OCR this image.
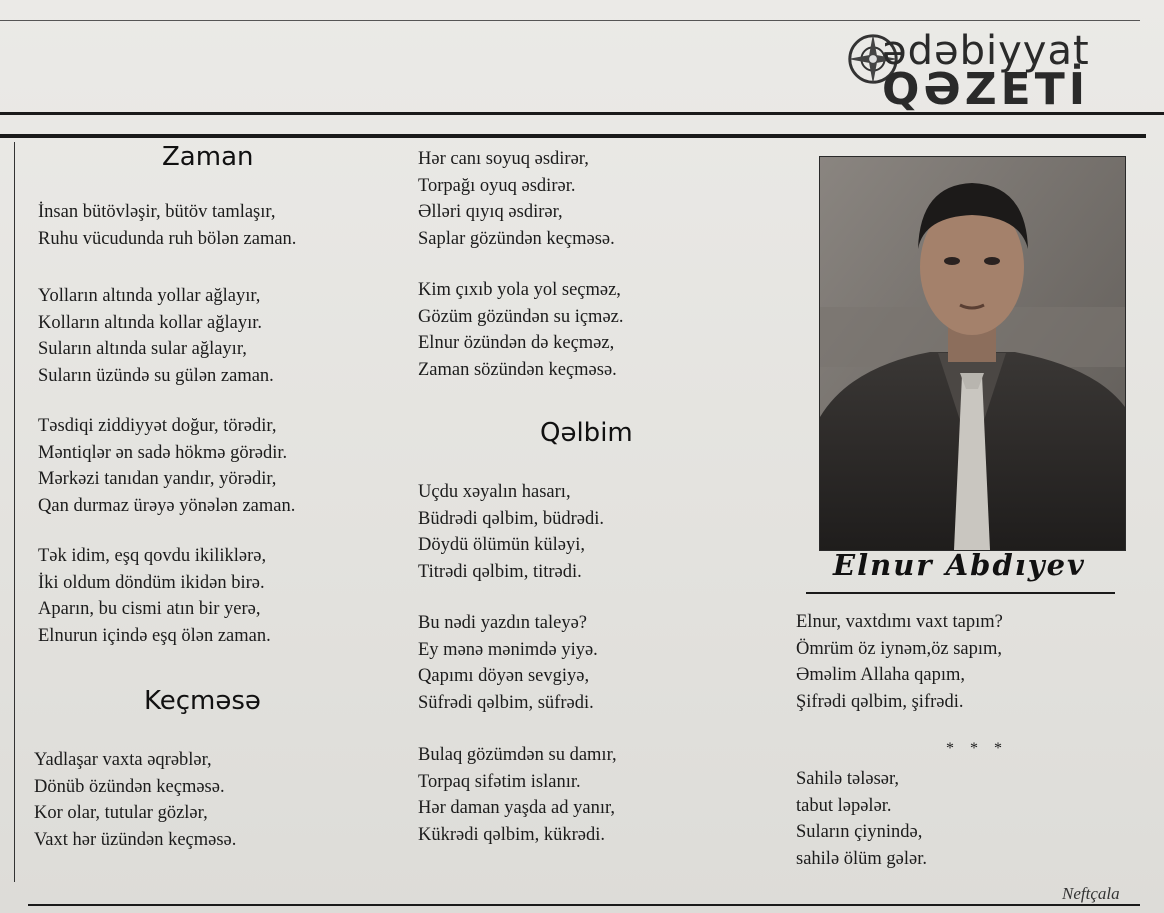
ədəbiyyat
QƏZETİ
Zaman
İnsan bütövləşir, bütöv tamlaşır,
Ruhu vücudunda ruh bölən zaman.
Yolların altında yollar ağlayır,
Kolların altında kollar ağlayır.
Suların altında sular ağlayır,
Suların üzündə su gülən zaman.
Təsdiqi ziddiyyət doğur, törədir,
Məntiqlər ən sadə hökmə görədir.
Mərkəzi tanıdan yandır, yörədir,
Qan durmaz ürəyə yönələn zaman.
Tək idim, eşq qovdu ikiliklərə,
İki oldum döndüm ikidən birə.
Aparın, bu cismi atın bir yerə,
Elnurun içində eşq ölən zaman.
Keçməsə
Yadlaşar vaxta əqrəblər,
Dönüb özündən keçməsə.
Kor olar, tutular gözlər,
Vaxt hər üzündən keçməsə.
Hər canı soyuq əsdirər,
Torpağı oyuq əsdirər.
Əlləri qıyıq əsdirər,
Saplar gözündən keçməsə.
Kim çıxıb yola yol seçməz,
Gözüm gözündən su içməz.
Elnur özündən də keçməz,
Zaman sözündən keçməsə.
Qəlbim
Uçdu xəyalın hasarı,
Büdrədi qəlbim, büdrədi.
Döydü ölümün küləyi,
Titrədi qəlbim, titrədi.
Bu nədi yazdın taleyə?
Ey mənə mənimdə yiyə.
Qapımı döyən sevgiyə,
Süfrədi qəlbim, süfrədi.
Bulaq gözümdən su damır,
Torpaq sifətim islanır.
Hər daman yaşda ad yanır,
Kükrədi qəlbim, kükrədi.
Elnur Abdıyev
Elnur, vaxtdımı vaxt tapım?
Ömrüm öz iynəm,öz sapım,
Əməlim Allaha qapım,
Şifrədi qəlbim, şifrədi.
* * *
Sahilə tələsər,
tabut ləpələr.
Suların çiynində,
sahilə ölüm gələr.
Neftçala
